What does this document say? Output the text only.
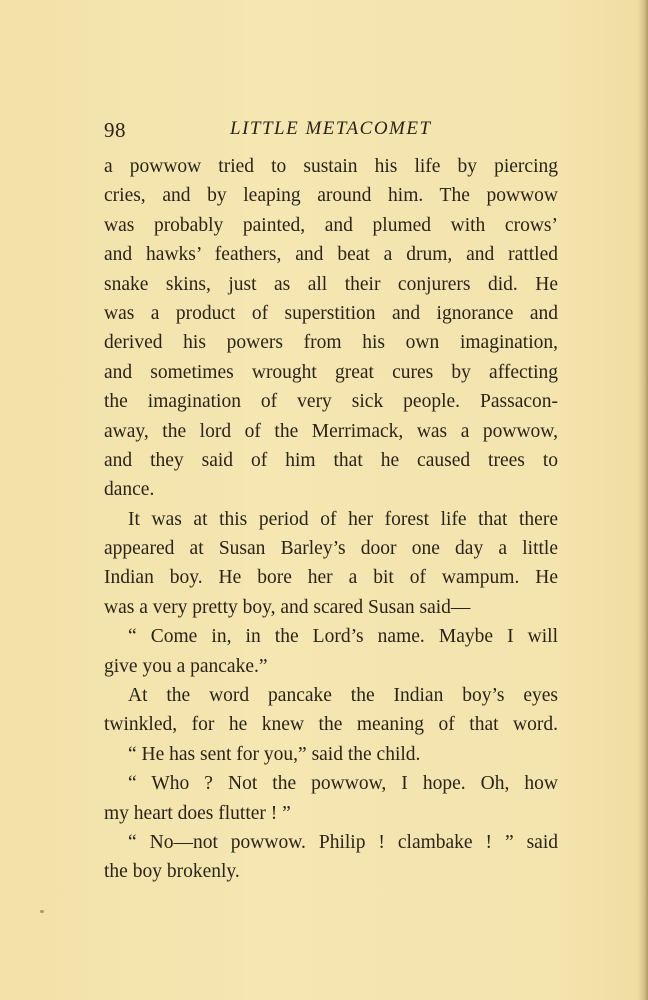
98	LITTLE METACOMET
a powwow tried to sustain his life by piercing
cries, and by leaping around him. The powwow
was probably painted, and plumed with crows’
and hawks’ feathers, and beat a drum, and rattled
snake skins, just as all their conjurers did. He
was a product of superstition and ignorance and
derived his powers from his own imagination,
and sometimes wrought great cures by affecting
the imagination of very sick people. Passacon-
away, the lord of the Merrimack, was a powwow,
and they said of him that he caused trees to
dance.
It was at this period of her forest life that there
appeared at Susan Barley’s door one day a little
Indian boy. He bore her a bit of wampum. He
was a very pretty boy, and scared Susan said—
“ Come in, in the Lord’s name. Maybe I will
give you a pancake.”
At the word pancake the Indian boy’s eyes
twinkled, for he knew the meaning of that word.
“ He has sent for you,” said the child.
“ Who ? Not the powwow, I hope. Oh, how
my heart does flutter ! ”
“ No—not powwow. Philip ! clambake ! ” said
the boy brokenly.
